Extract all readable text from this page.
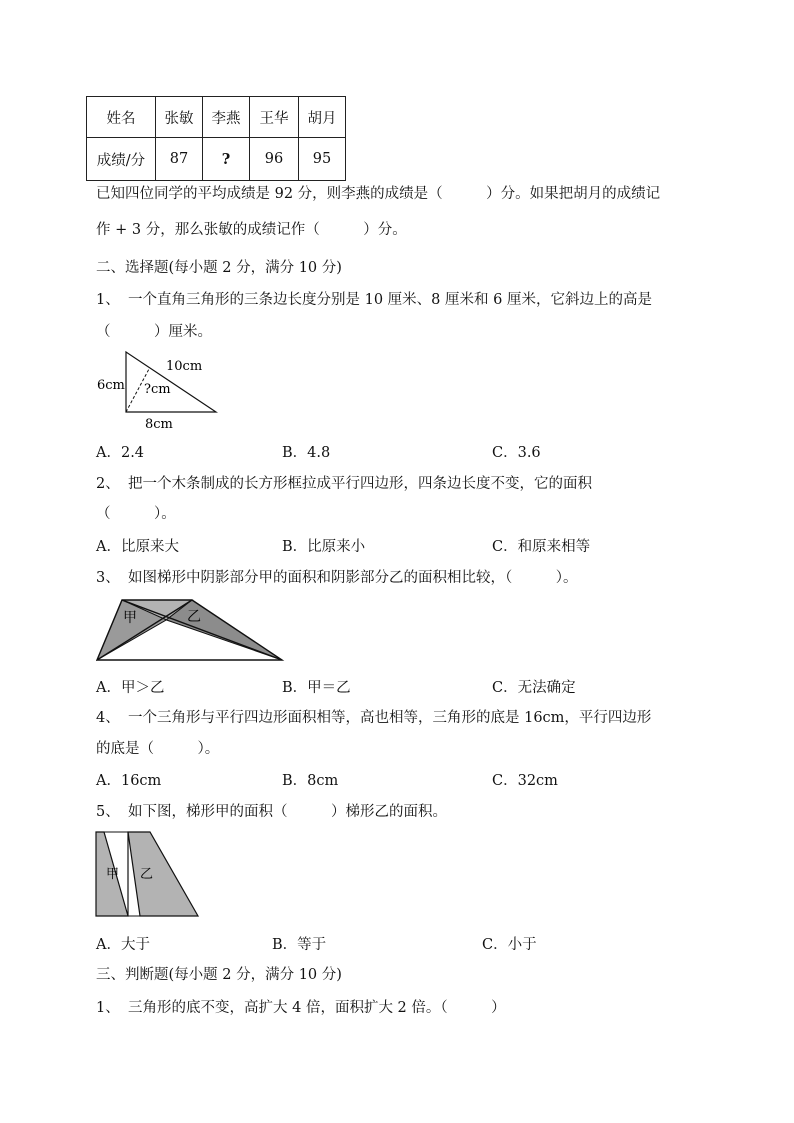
姓名	张敏	李燕	王华	胡月
成绩/分	87	?	96	95
已知四位同学的平均成绩是 92 分，则李燕的成绩是（　　　）分。如果把胡月的成绩记
作 + 3 分，那么张敏的成绩记作（　　　）分。
二、选择题(每小题 2 分，满分 10 分)
1、 一个直角三角形的三条边长度分别是 10 厘米、8 厘米和 6 厘米，它斜边上的高是
（　　　）厘米。
10cm
6cm ?cm
8cm
A．2.4	B．4.8	C．3.6
2、 把一个木条制成的长方形框拉成平行四边形，四条边长度不变，它的面积
（　　　）。
A．比原来大	B．比原来小	C．和原来相等
3、 如图梯形中阴影部分甲的面积和阴影部分乙的面积相比较，（　　　）。
甲	乙
A．甲＞乙	B．甲＝乙	C．无法确定
4、 一个三角形与平行四边形面积相等，高也相等，三角形的底是 16cm，平行四边形
的底是（　　　）。
A．16cm	B．8cm	C．32cm
5、 如下图，梯形甲的面积（　　　）梯形乙的面积。
甲 乙
A．大于	B．等于	C．小于
三、判断题(每小题 2 分，满分 10 分)
1、 三角形的底不变，高扩大 4 倍，面积扩大 2 倍。（　　　）
